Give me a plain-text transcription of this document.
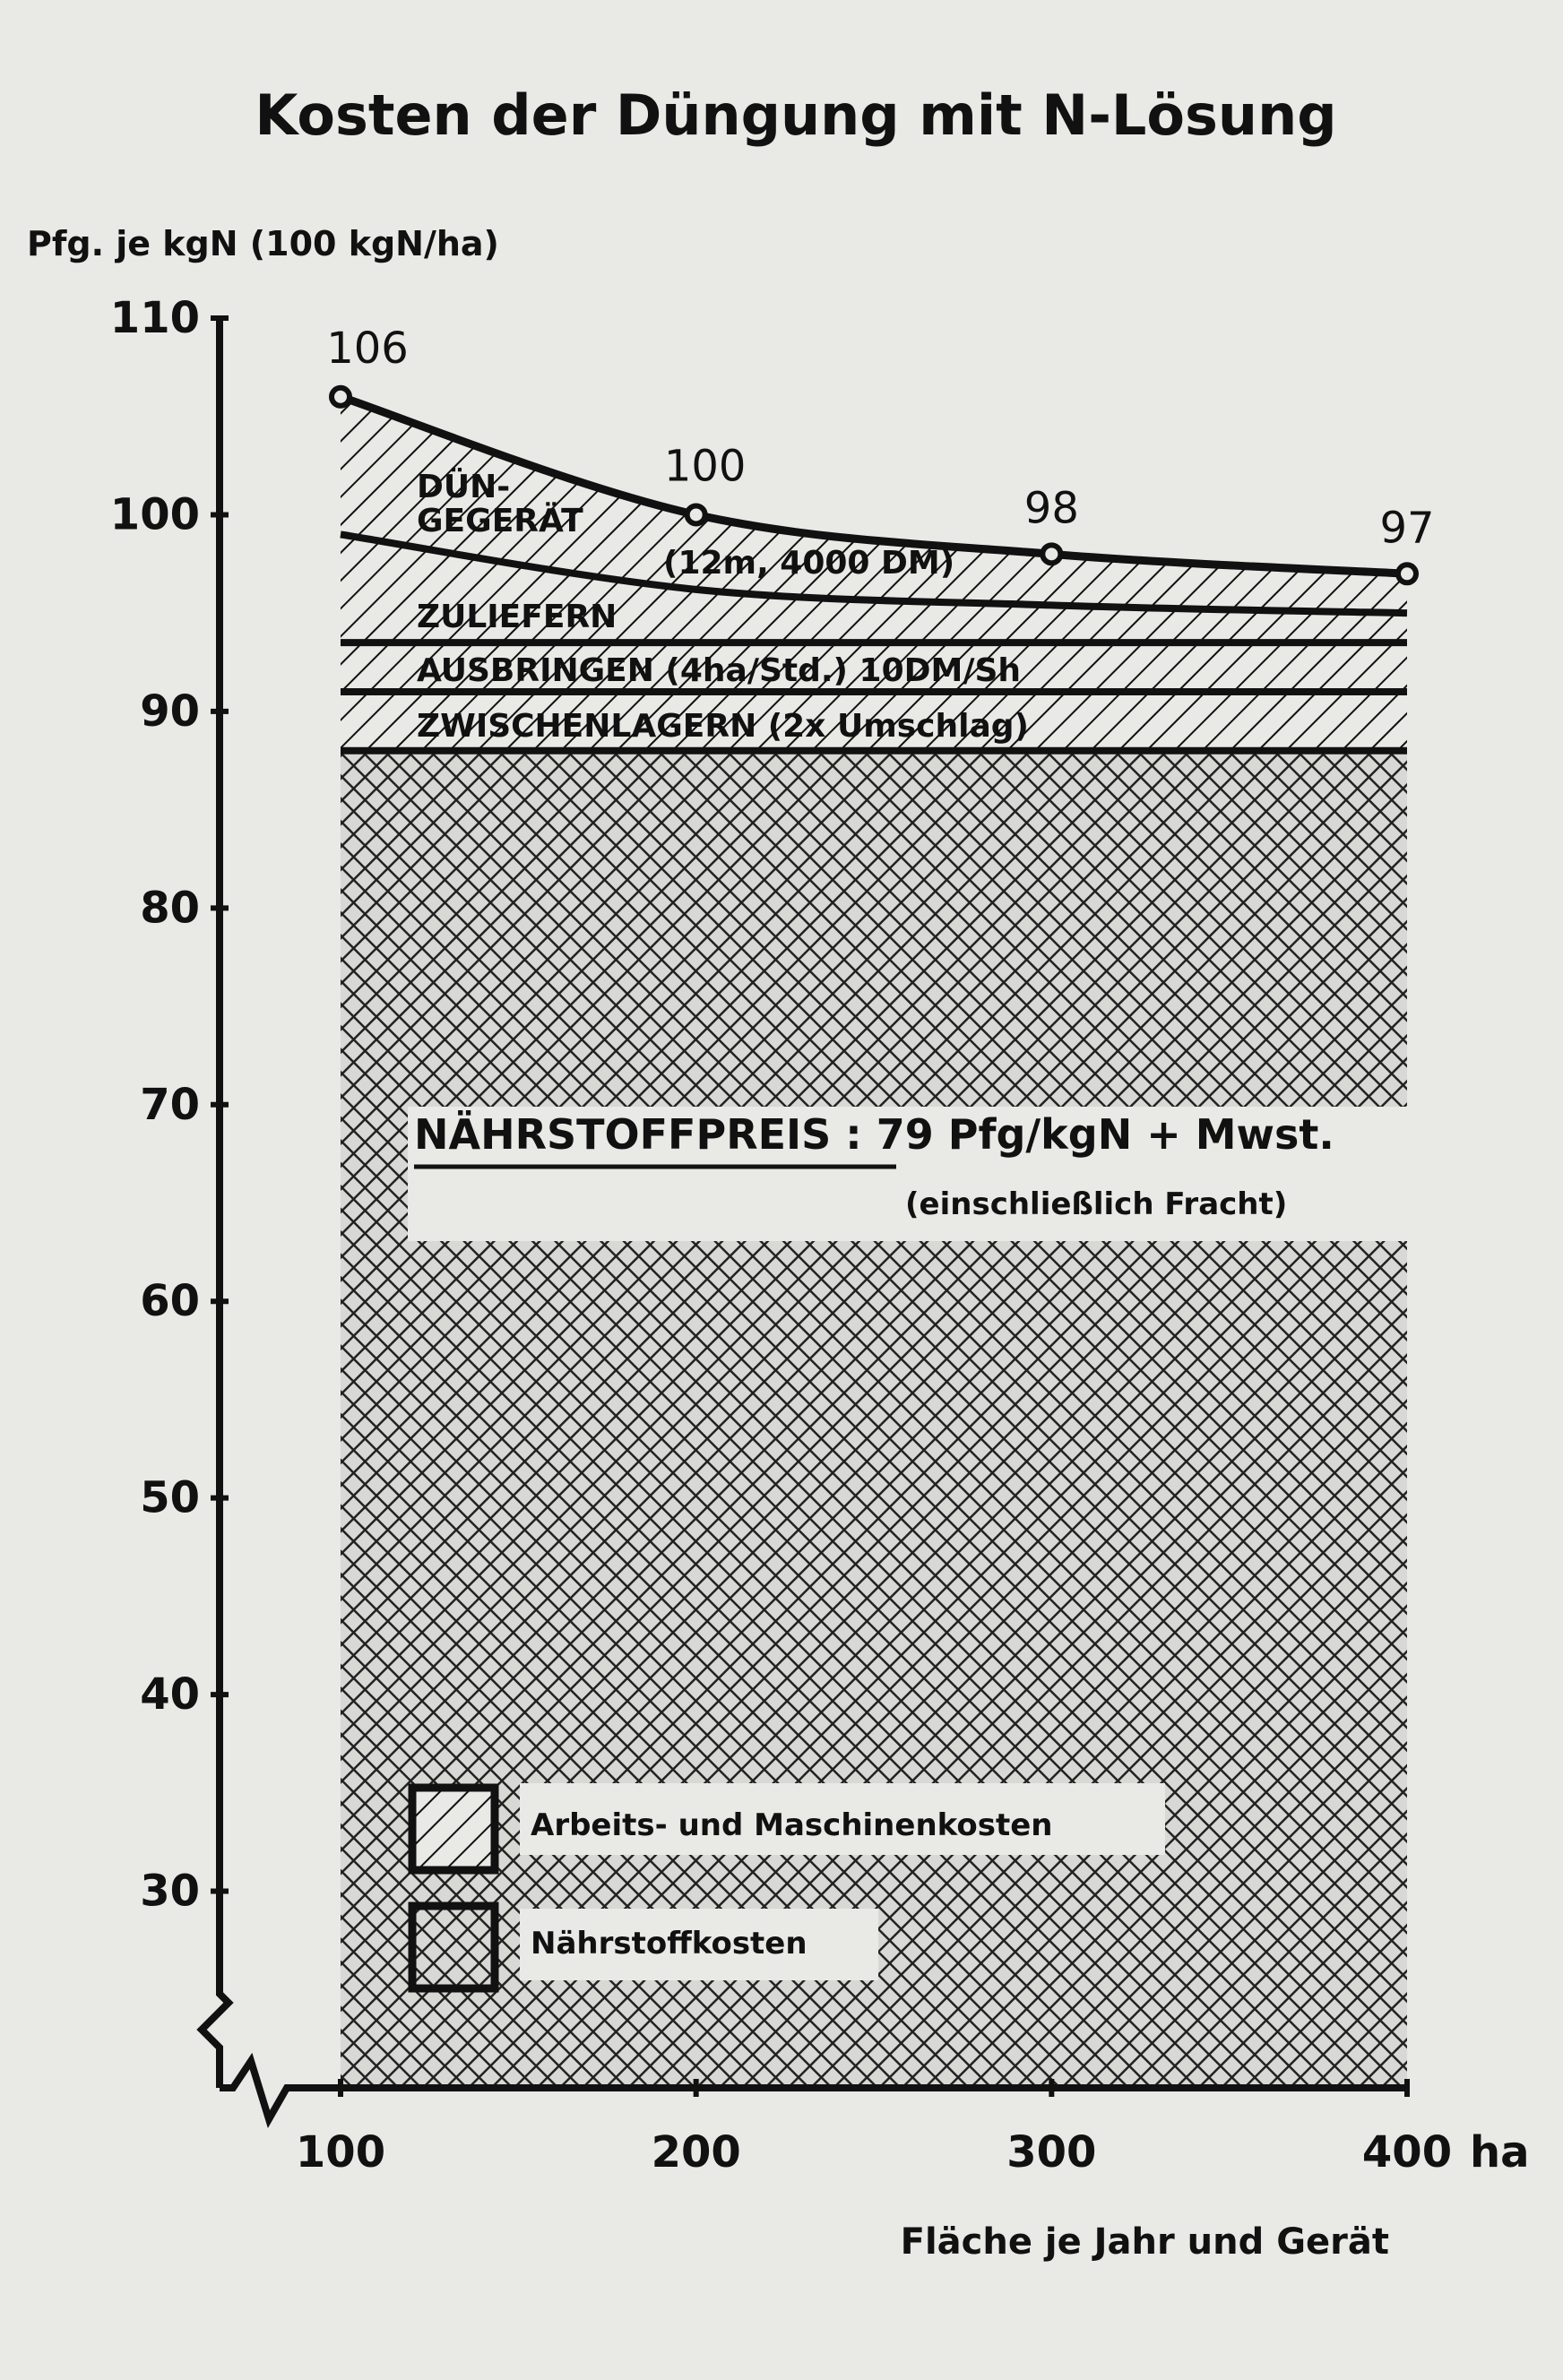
Kosten der Düngung mit N-Lösung
Pfg. je kgN (100 kgN/ha)
30
40
50
60
70
80
90
100
110
100	200	300	400
106
100
98	97
(12m, 4000 DM)
DÜN-GEGERÄT
ZULIEFERN
AUSBRINGEN (4ha/Std.) 10DM/Sh
ZWISCHENLAGERN (2x Umschlag)
NÄHRSTOFFPREIS : 79 Pfg/kgN + Mwst.
(einschließlich Fracht)
Arbeits- und Maschinenkosten
Nährstoffkosten
ha
Fläche je Jahr und Gerät
